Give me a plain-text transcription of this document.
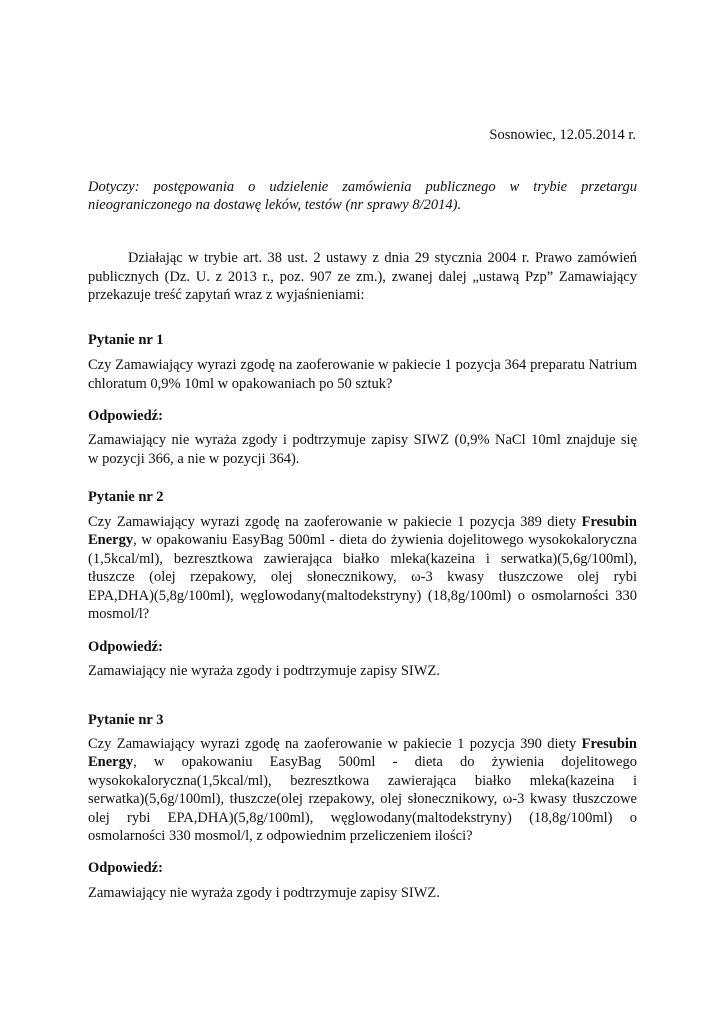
Sosnowiec, 12.05.2014 r.
Dotyczy: postępowania o udzielenie zamówienia publicznego w trybie przetargu
nieograniczonego na dostawę leków, testów (nr sprawy 8/2014).
Działając w trybie art. 38 ust. 2 ustawy z dnia 29 stycznia 2004 r. Prawo zamówień
publicznych (Dz. U. z 2013 r., poz. 907 ze zm.), zwanej dalej „ustawą Pzp” Zamawiający
przekazuje treść zapytań wraz z wyjaśnieniami:
Pytanie nr 1
Czy Zamawiający wyrazi zgodę na zaoferowanie w pakiecie 1 pozycja 364 preparatu Natrium
chloratum 0,9% 10ml w opakowaniach po 50 sztuk?
Odpowiedź:
Zamawiający nie wyraża zgody i podtrzymuje zapisy SIWZ (0,9% NaCl 10ml znajduje się
w pozycji 366, a nie w pozycji 364).
Pytanie nr 2
Czy Zamawiający wyrazi zgodę na zaoferowanie w pakiecie 1 pozycja 389 diety Fresubin
Energy, w opakowaniu EasyBag 500ml - dieta do żywienia dojelitowego wysokokaloryczna
(1,5kcal/ml), bezresztkowa zawierająca białko mleka(kazeina i serwatka)(5,6g/100ml),
tłuszcze (olej rzepakowy, olej słonecznikowy, ω-3 kwasy tłuszczowe olej rybi
EPA,DHA)(5,8g/100ml), węglowodany(maltodekstryny) (18,8g/100ml) o osmolarności 330
mosmol/l?
Odpowiedź:
Zamawiający nie wyraża zgody i podtrzymuje zapisy SIWZ.
Pytanie nr 3
Czy Zamawiający wyrazi zgodę na zaoferowanie w pakiecie 1 pozycja 390 diety Fresubin
Energy, w opakowaniu EasyBag 500ml - dieta do żywienia dojelitowego
wysokokaloryczna(1,5kcal/ml), bezresztkowa zawierająca białko mleka(kazeina i
serwatka)(5,6g/100ml), tłuszcze(olej rzepakowy, olej słonecznikowy, ω-3 kwasy tłuszczowe
olej rybi EPA,DHA)(5,8g/100ml), węglowodany(maltodekstryny) (18,8g/100ml) o
osmolarności 330 mosmol/l, z odpowiednim przeliczeniem ilości?
Odpowiedź:
Zamawiający nie wyraża zgody i podtrzymuje zapisy SIWZ.
